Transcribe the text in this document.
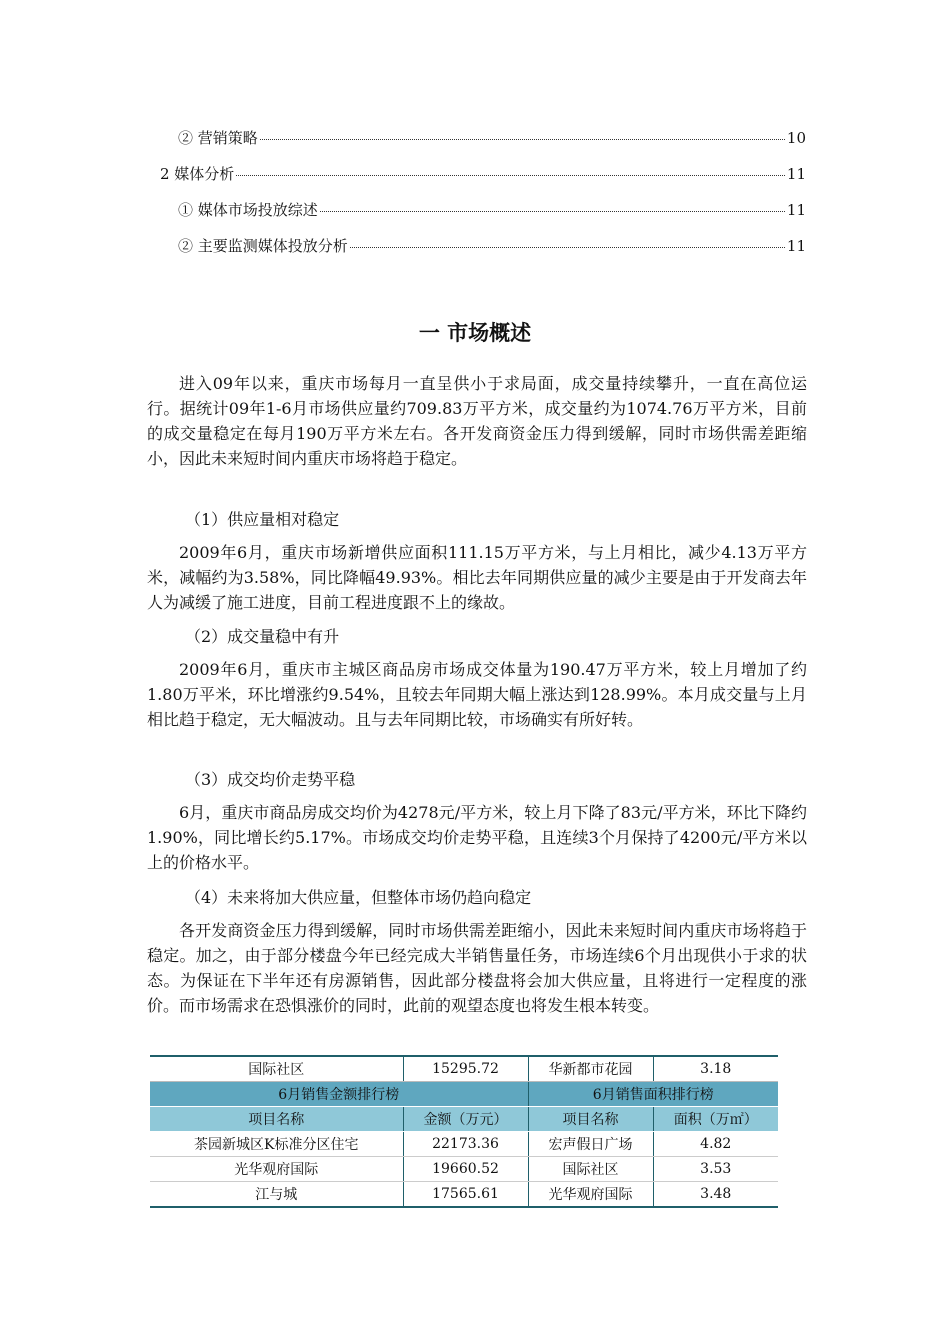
② 营销策略	10
2 媒体分析	11
① 媒体市场投放综述	11
② 主要监测媒体投放分析	11
一 市场概述

进入09年以来，重庆市场每月一直呈供小于求局面，成交量持续攀升，一直在高位运行。据统计09年1-6月市场供应量约709.83万平方米，成交量约为1074.76万平方米，目前的成交量稳定在每月190万平方米左右。各开发商资金压力得到缓解，同时市场供需差距缩小，因此未来短时间内重庆市场将趋于稳定。

（1）供应量相对稳定

2009年6月，重庆市场新增供应面积111.15万平方米，与上月相比，减少4.13万平方米，减幅约为3.58%，同比降幅49.93%。相比去年同期供应量的减少主要是由于开发商去年人为减缓了施工进度，目前工程进度跟不上的缘故。

（2）成交量稳中有升

2009年6月，重庆市主城区商品房市场成交体量为190.47万平方米，较上月增加了约1.80万平米，环比增涨约9.54%，且较去年同期大幅上涨达到128.99%。本月成交量与上月相比趋于稳定，无大幅波动。且与去年同期比较，市场确实有所好转。

（3）成交均价走势平稳

6月，重庆市商品房成交均价为4278元/平方米，较上月下降了83元/平方米，环比下降约1.90%，同比增长约5.17%。市场成交均价走势平稳，且连续3个月保持了4200元/平方米以上的价格水平。

（4）未来将加大供应量，但整体市场仍趋向稳定

各开发商资金压力得到缓解，同时市场供需差距缩小，因此未来短时间内重庆市场将趋于稳定。加之，由于部分楼盘今年已经完成大半销售量任务，市场连续6个月出现供小于求的状态。为保证在下半年还有房源销售，因此部分楼盘将会加大供应量，且将进行一定程度的涨价。而市场需求在恐惧涨价的同时，此前的观望态度也将发生根本转变。

国际社区	15295.72	华新都市花园	3.18
6月销售金额排行榜		6月销售面积排行榜	
项目名称	金额（万元）	项目名称	面积（万㎡）
茶园新城区K标准分区住宅	22173.36	宏声假日广场	4.82
光华观府国际	19660.52	国际社区	3.53
江与城	17565.61	光华观府国际	3.48
